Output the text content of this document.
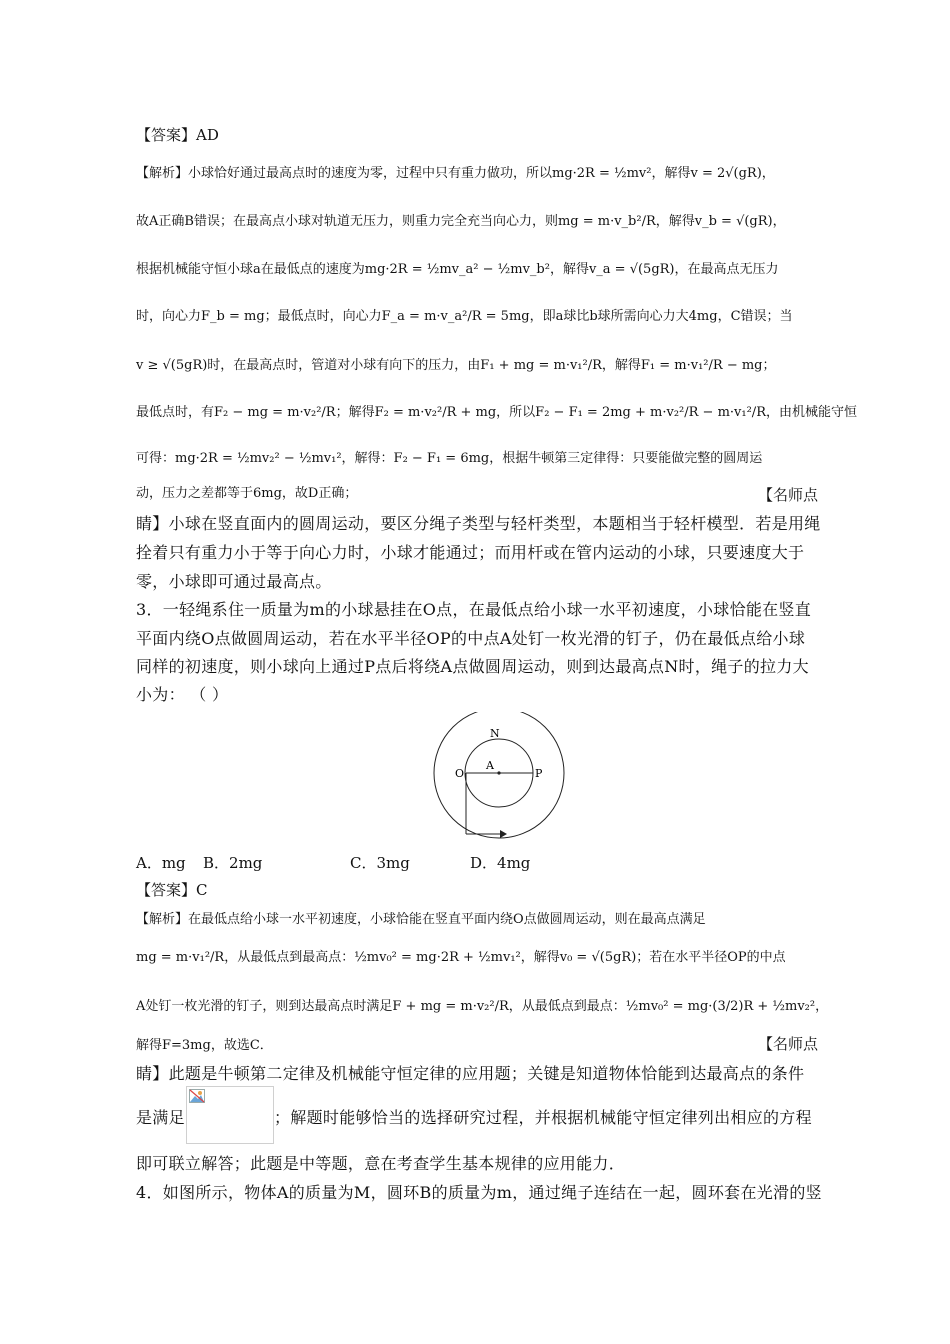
【答案】AD
【解析】小球恰好通过最高点时的速度为零，过程中只有重力做功，所以mg·2R = ½mv²，解得v = 2√(gR)，
故A正确B错误；在最高点小球对轨道无压力，则重力完全充当向心力，则mg = m·v_b²/R，解得v_b = √(gR)，
根据机械能守恒小球a在最低点的速度为mg·2R = ½mv_a² − ½mv_b²，解得v_a = √(5gR)，在最高点无压力
时，向心力F_b = mg；最低点时，向心力F_a = m·v_a²/R = 5mg，即a球比b球所需向心力大4mg，C错误；当
v ≥ √(5gR)时，在最高点时，管道对小球有向下的压力，由F₁ + mg = m·v₁²/R，解得F₁ = m·v₁²/R − mg；
最低点时，有F₂ − mg = m·v₂²/R；解得F₂ = m·v₂²/R + mg，所以F₂ − F₁ = 2mg + m·v₂²/R − m·v₁²/R，由机械能守恒
可得：mg·2R = ½mv₂² − ½mv₁²，解得：F₂ − F₁ = 6mg，根据牛顿第三定律得：只要能做完整的圆周运
动，压力之差都等于6mg，故D正确；	【名师点
睛】小球在竖直面内的圆周运动，要区分绳子类型与轻杆类型，本题相当于轻杆模型．若是用绳
拴着只有重力小于等于向心力时，小球才能通过；而用杆或在管内运动的小球，只要速度大于
零，小球即可通过最高点。
3．一轻绳系住一质量为m的小球悬挂在O点，在最低点给小球一水平初速度，小球恰能在竖直
平面内绕O点做圆周运动，若在水平半径OP的中点A处钉一枚光滑的钉子，仍在最低点给小球
同样的初速度，则小球向上通过P点后将绕A点做圆周运动，则到达最高点N时，绳子的拉力大
小为： （ ）
N
O
A
P
A．mg B．2mg	C．3mg	D．4mg
【答案】C
【解析】在最低点给小球一水平初速度，小球恰能在竖直平面内绕O点做圆周运动，则在最高点满足
mg = m·v₁²/R，从最低点到最高点：½mv₀² = mg·2R + ½mv₁²，解得v₀ = √(5gR)；若在水平半径OP的中点
A处钉一枚光滑的钉子，则到达最高点时满足F + mg = m·v₂²/R，从最低点到最点：½mv₀² = mg·(3/2)R + ½mv₂²，
解得F=3mg，故选C．	【名师点
睛】此题是牛顿第二定律及机械能守恒定律的应用题；关键是知道物体恰能到达最高点的条件
是满足	；解题时能够恰当的选择研究过程，并根据机械能守恒定律列出相应的方程
即可联立解答；此题是中等题，意在考查学生基本规律的应用能力．
4．如图所示，物体A的质量为M，圆环B的质量为m，通过绳子连结在一起，圆环套在光滑的竖
